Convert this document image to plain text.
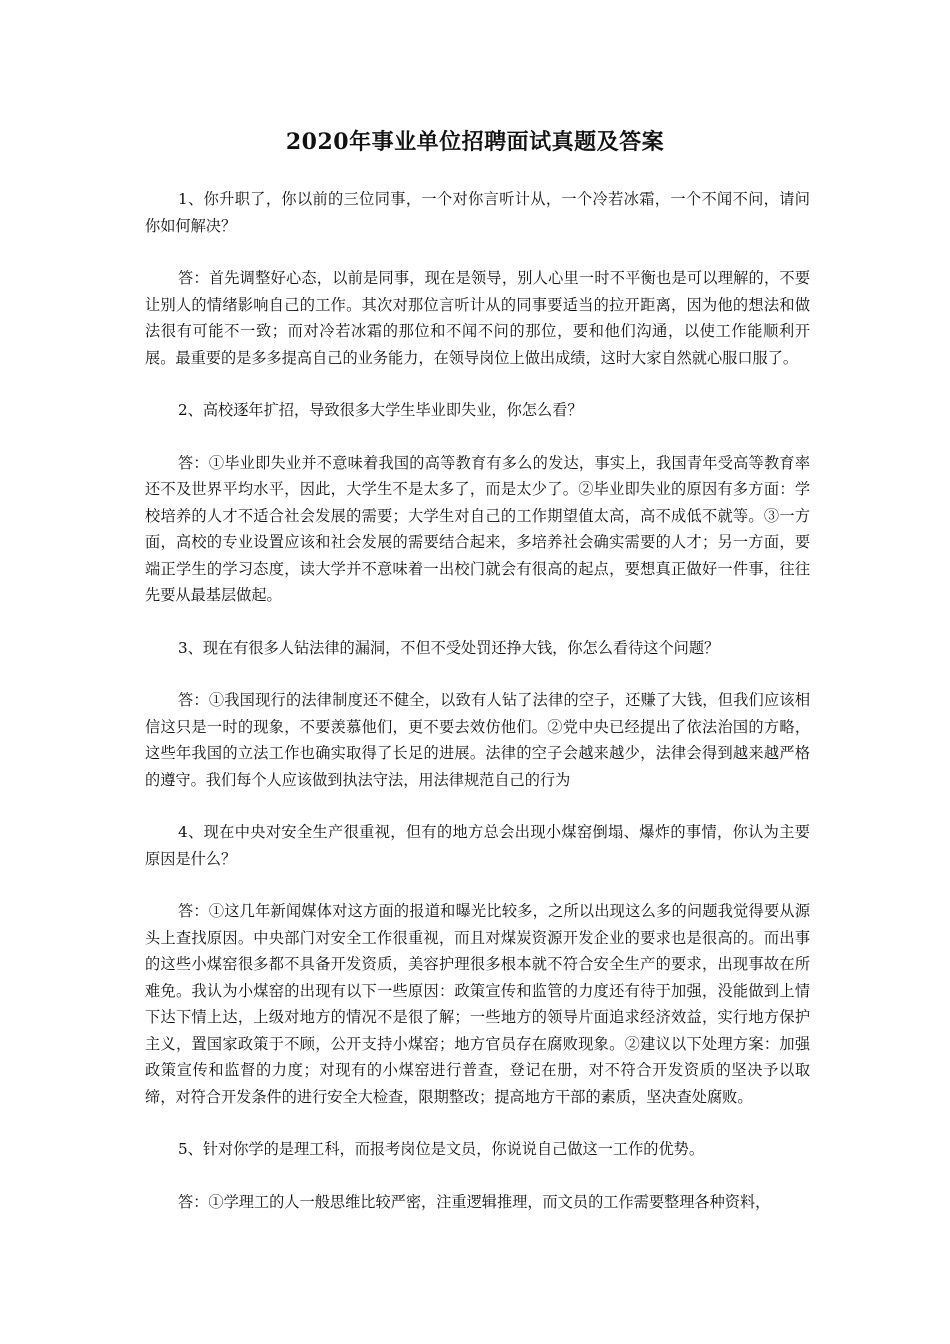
2020年事业单位招聘面试真题及答案

1、你升职了，你以前的三位同事，一个对你言听计从，一个冷若冰霜，一个不闻不问，请问你如何解决？

答：首先调整好心态，以前是同事，现在是领导，别人心里一时不平衡也是可以理解的，不要让别人的情绪影响自己的工作。其次对那位言听计从的同事要适当的拉开距离，因为他的想法和做法很有可能不一致；而对冷若冰霜的那位和不闻不问的那位，要和他们沟通，以使工作能顺利开展。最重要的是多多提高自己的业务能力，在领导岗位上做出成绩，这时大家自然就心服口服了。

2、高校逐年扩招，导致很多大学生毕业即失业，你怎么看？

答：①毕业即失业并不意味着我国的高等教育有多么的发达，事实上，我国青年受高等教育率还不及世界平均水平，因此，大学生不是太多了，而是太少了。②毕业即失业的原因有多方面：学校培养的人才不适合社会发展的需要；大学生对自己的工作期望值太高，高不成低不就等。③一方面，高校的专业设置应该和社会发展的需要结合起来，多培养社会确实需要的人才；另一方面，要端正学生的学习态度，读大学并不意味着一出校门就会有很高的起点，要想真正做好一件事，往往先要从最基层做起。

3、现在有很多人钻法律的漏洞，不但不受处罚还挣大钱，你怎么看待这个问题？

答：①我国现行的法律制度还不健全，以致有人钻了法律的空子，还赚了大钱，但我们应该相信这只是一时的现象，不要羡慕他们，更不要去效仿他们。②党中央已经提出了依法治国的方略，这些年我国的立法工作也确实取得了长足的进展。法律的空子会越来越少，法律会得到越来越严格的遵守。我们每个人应该做到执法守法，用法律规范自己的行为

4、现在中央对安全生产很重视，但有的地方总会出现小煤窑倒塌、爆炸的事情，你认为主要原因是什么？

答：①这几年新闻媒体对这方面的报道和曝光比较多，之所以出现这么多的问题我觉得要从源头上查找原因。中央部门对安全工作很重视，而且对煤炭资源开发企业的要求也是很高的。而出事的这些小煤窑很多都不具备开发资质，美容护理很多根本就不符合安全生产的要求，出现事故在所难免。我认为小煤窑的出现有以下一些原因：政策宣传和监管的力度还有待于加强，没能做到上情下达下情上达，上级对地方的情况不是很了解；一些地方的领导片面追求经济效益，实行地方保护主义，置国家政策于不顾，公开支持小煤窑；地方官员存在腐败现象。②建议以下处理方案：加强政策宣传和监督的力度；对现有的小煤窑进行普查，登记在册，对不符合开发资质的坚决予以取缔，对符合开发条件的进行安全大检查，限期整改；提高地方干部的素质，坚决查处腐败。

5、针对你学的是理工科，而报考岗位是文员，你说说自己做这一工作的优势。

答：①学理工的人一般思维比较严密，注重逻辑推理，而文员的工作需要整理各种资料，
